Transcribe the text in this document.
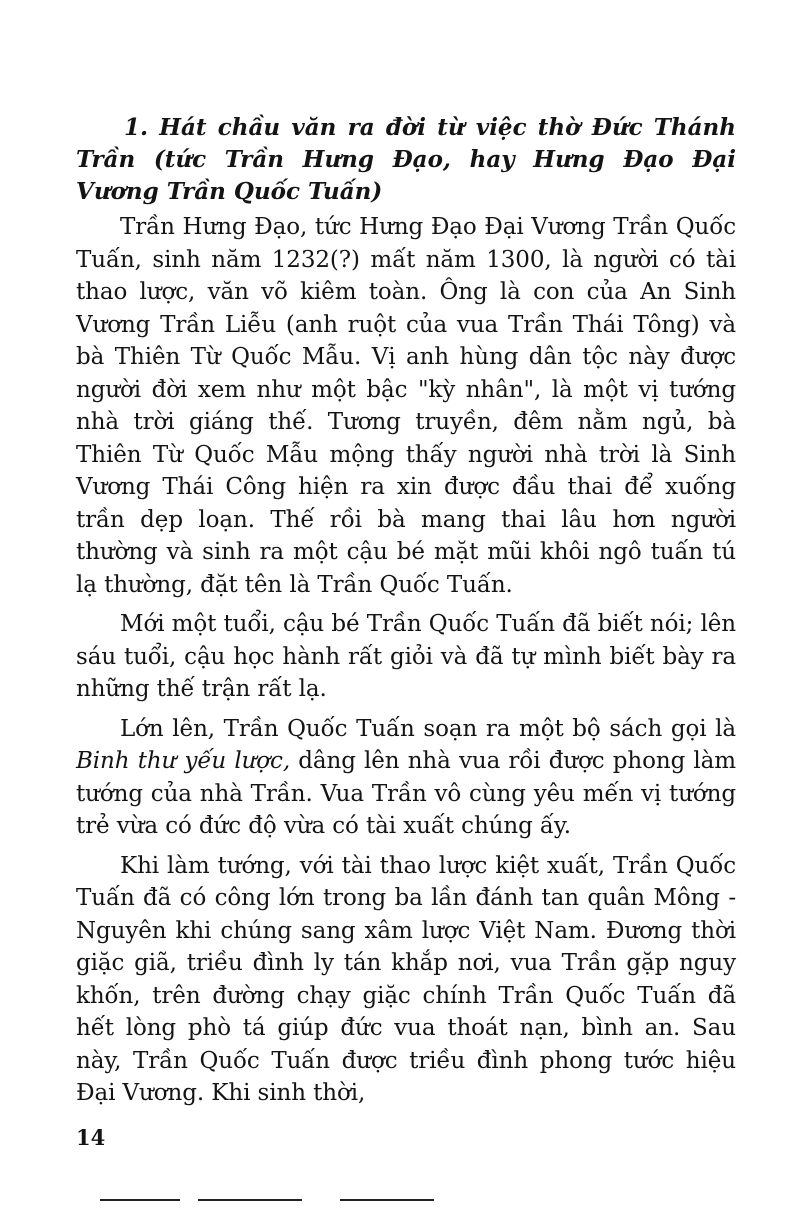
1. Hát chầu văn ra đời từ việc thờ Đức Thánh Trần (tức Trần Hưng Đạo, hay Hưng Đạo Đại Vương Trần Quốc Tuấn)

Trần Hưng Đạo, tức Hưng Đạo Đại Vương Trần Quốc Tuấn, sinh năm 1232(?) mất năm 1300, là người có tài thao lược, văn võ kiêm toàn. Ông là con của An Sinh Vương Trần Liễu (anh ruột của vua Trần Thái Tông) và bà Thiên Từ Quốc Mẫu. Vị anh hùng dân tộc này được người đời xem như một bậc "kỳ nhân", là một vị tướng nhà trời giáng thế. Tương truyền, đêm nằm ngủ, bà Thiên Từ Quốc Mẫu mộng thấy người nhà trời là Sinh Vương Thái Công hiện ra xin được đầu thai để xuống trần dẹp loạn. Thế rồi bà mang thai lâu hơn người thường và sinh ra một cậu bé mặt mũi khôi ngô tuấn tú lạ thường, đặt tên là Trần Quốc Tuấn.

Mới một tuổi, cậu bé Trần Quốc Tuấn đã biết nói; lên sáu tuổi, cậu học hành rất giỏi và đã tự mình biết bày ra những thế trận rất lạ.

Lớn lên, Trần Quốc Tuấn soạn ra một bộ sách gọi là Binh thư yếu lược, dâng lên nhà vua rồi được phong làm tướng của nhà Trần. Vua Trần vô cùng yêu mến vị tướng trẻ vừa có đức độ vừa có tài xuất chúng ấy.

Khi làm tướng, với tài thao lược kiệt xuất, Trần Quốc Tuấn đã có công lớn trong ba lần đánh tan quân Mông - Nguyên khi chúng sang xâm lược Việt Nam. Đương thời giặc giã, triều đình ly tán khắp nơi, vua Trần gặp nguy khốn, trên đường chạy giặc chính Trần Quốc Tuấn đã hết lòng phò tá giúp đức vua thoát nạn, bình an. Sau này, Trần Quốc Tuấn được triều đình phong tước hiệu Đại Vương. Khi sinh thời,

14
